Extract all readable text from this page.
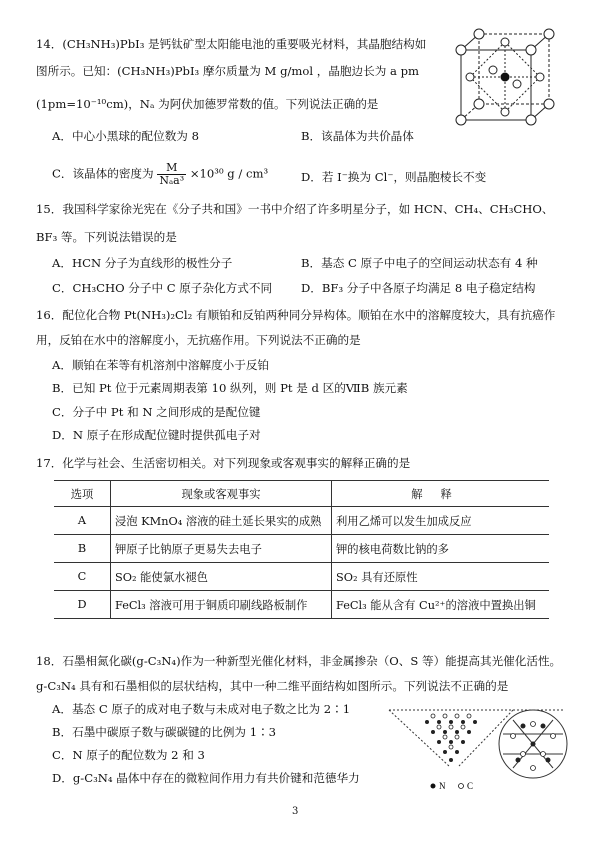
14．(CH₃NH₃)PbI₃ 是钙钛矿型太阳能电池的重要吸光材料，其晶胞结构如
图所示。已知：(CH₃NH₃)PbI₃ 摩尔质量为 M g/mol ，晶胞边长为 a pm
(1pm=10⁻¹⁰cm)，Nₐ 为阿伏加德罗常数的值。下列说法正确的是
A．中心小黑球的配位数为 8	B．该晶体为共价晶体
C．该晶体的密度为 $\frac{M}{\text{Nₐa³}} \times 10^{30}$ g / cm³	D．若 I⁻换为 Cl⁻，则晶胞棱长不变
15．我国科学家徐光宪在《分子共和国》一书中介绍了许多明星分子，如 HCN、CH₄、CH₃CHO、
BF₃ 等。下列说法错误的是
A．HCN 分子为直线形的极性分子	B．基态 C 原子中电子的空间运动状态有 4 种
C．CH₃CHO 分子中 C 原子杂化方式不同 D．BF₃ 分子中各原子均满足 8 电子稳定结构
16．配位化合物 Pt(NH₃)₂Cl₂ 有顺铂和反铂两种同分异构体。顺铂在水中的溶解度较大，具有抗癌作
用，反铂在水中的溶解度小，无抗癌作用。下列说法不正确的是
A．顺铂在苯等有机溶剂中溶解度小于反铂
B．已知 Pt 位于元素周期表第 10 纵列，则 Pt 是 d 区的ⅦB 族元素
C．分子中 Pt 和 N 之间形成的是配位键
D．N 原子在形成配位键时提供孤电子对
17．化学与社会、生活密切相关。对下列现象或客观事实的解释正确的是
选项	现象或客观事实	解释
A	浸泡 KMnO₄ 溶液的硅土延长果实的成熟	利用乙烯可以发生加成反应
B	钾原子比钠原子更易失去电子	钾的核电荷数比钠的多
C	SO₂ 能使氯水褪色	SO₂ 具有还原性
D	FeCl₃ 溶液可用于铜质印刷线路板制作	FeCl₃ 能从含有 Cu²⁺的溶液中置换出铜
18．石墨相氮化碳(g-C₃N₄)作为一种新型光催化材料，非金属掺杂（O、S 等）能提高其光催化活性。
g-C₃N₄ 具有和石墨相似的层状结构，其中一种二维平面结构如图所示。下列说法不正确的是
A．基态 C 原子的成对电子数与未成对电子数之比为 2∶1
B．石墨中碳原子数与碳碳键的比例为 1∶3
C．N 原子的配位数为 2 和 3
D．g-C₃N₄ 晶体中存在的微粒间作用力有共价键和范德华力
N C
3
